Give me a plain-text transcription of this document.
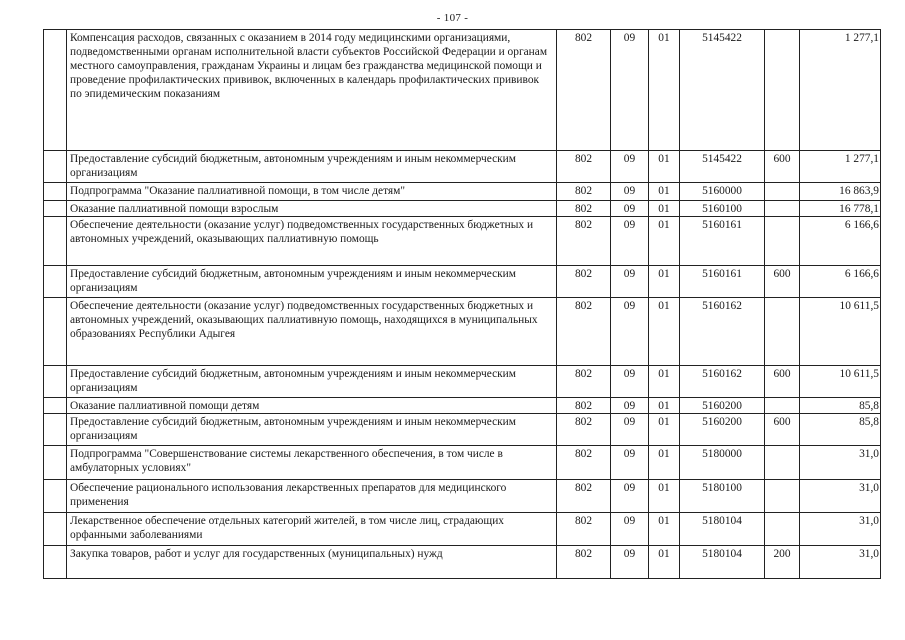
- 107 -
	Компенсация расходов, связанных с оказанием в 2014 году медицинскими организациями, подведомственными органам исполнительной власти субъектов Российской Федерации и органам местного самоуправления, гражданам Украины и лицам без гражданства медицинской помощи и проведение профилактических прививок, включенных в календарь профилактических прививок по эпидемическим показаниям	802	09	01	5145422		1 277,1
	Предоставление субсидий бюджетным, автономным учреждениям и иным некоммерческим организациям	802	09	01	5145422	600	1 277,1
	Подпрограмма "Оказание паллиативной помощи, в том числе детям"	802	09	01	5160000		16 863,9
	Оказание паллиативной помощи взрослым	802	09	01	5160100		16 778,1
	Обеспечение деятельности (оказание услуг) подведомственных государственных бюджетных и автономных учреждений, оказывающих паллиативную помощь	802	09	01	5160161		6 166,6
	Предоставление субсидий бюджетным, автономным учреждениям и иным некоммерческим организациям	802	09	01	5160161	600	6 166,6
	Обеспечение деятельности (оказание услуг) подведомственных государственных бюджетных и автономных учреждений, оказывающих паллиативную помощь, находящихся в муниципальных образованиях Республики Адыгея	802	09	01	5160162		10 611,5
	Предоставление субсидий бюджетным, автономным учреждениям и иным некоммерческим организациям	802	09	01	5160162	600	10 611,5
	Оказание паллиативной помощи детям	802	09	01	5160200		85,8
	Предоставление субсидий бюджетным, автономным учреждениям и иным некоммерческим организациям	802	09	01	5160200	600	85,8
	Подпрограмма "Совершенствование системы лекарственного обеспечения, в том числе в амбулаторных условиях"	802	09	01	5180000		31,0
	Обеспечение рационального использования лекарственных препаратов для медицинского применения	802	09	01	5180100		31,0
	Лекарственное обеспечение отдельных категорий жителей, в том числе лиц, страдающих орфанными заболеваниями	802	09	01	5180104		31,0
	Закупка товаров, работ и услуг для государственных (муниципальных) нужд	802	09	01	5180104	200	31,0
